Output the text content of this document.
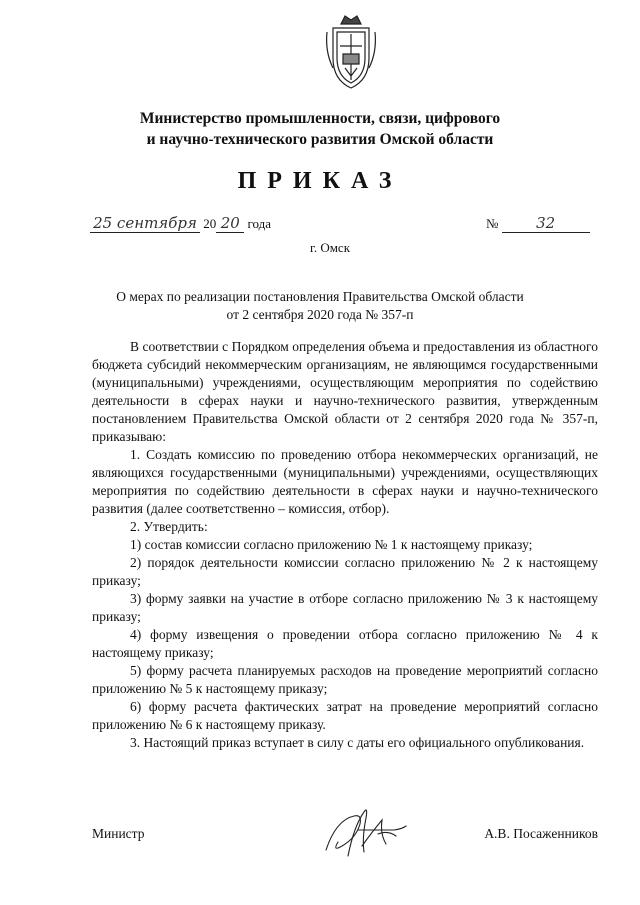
Министерство промышленности, связи, цифрового
и научно-технического развития Омской области
ПРИКАЗ
25 сентября 20 20 года	№	32
г. Омск
О мерах по реализации постановления Правительства Омской области
от 2 сентября 2020 года № 357-п

В соответствии с Порядком определения объема и предоставления из областного бюджета субсидий некоммерческим организациям, не являющимся государственными (муниципальными) учреждениями, осуществляющим мероприятия по содействию деятельности в сферах науки и научно-технического развития, утвержденным постановлением Правительства Омской области от 2 сентября 2020 года № 357-п, приказываю:

1. Создать комиссию по проведению отбора некоммерческих организаций, не являющихся государственными (муниципальными) учреждениями, осуществляющих мероприятия по содействию деятельности в сферах науки и научно-технического развития (далее соответственно – комиссия, отбор).

2. Утвердить:

1) состав комиссии согласно приложению № 1 к настоящему приказу;

2) порядок деятельности комиссии согласно приложению № 2 к настоящему приказу;

3) форму заявки на участие в отборе согласно приложению № 3 к настоящему приказу;

4) форму извещения о проведении отбора согласно приложению № 4 к настоящему приказу;

5) форму расчета планируемых расходов на проведение мероприятий согласно приложению № 5 к настоящему приказу;

6) форму расчета фактических затрат на проведение мероприятий согласно приложению № 6 к настоящему приказу.

3. Настоящий приказ вступает в силу с даты его официального опубликования.

Министр	А.В. Посаженников
